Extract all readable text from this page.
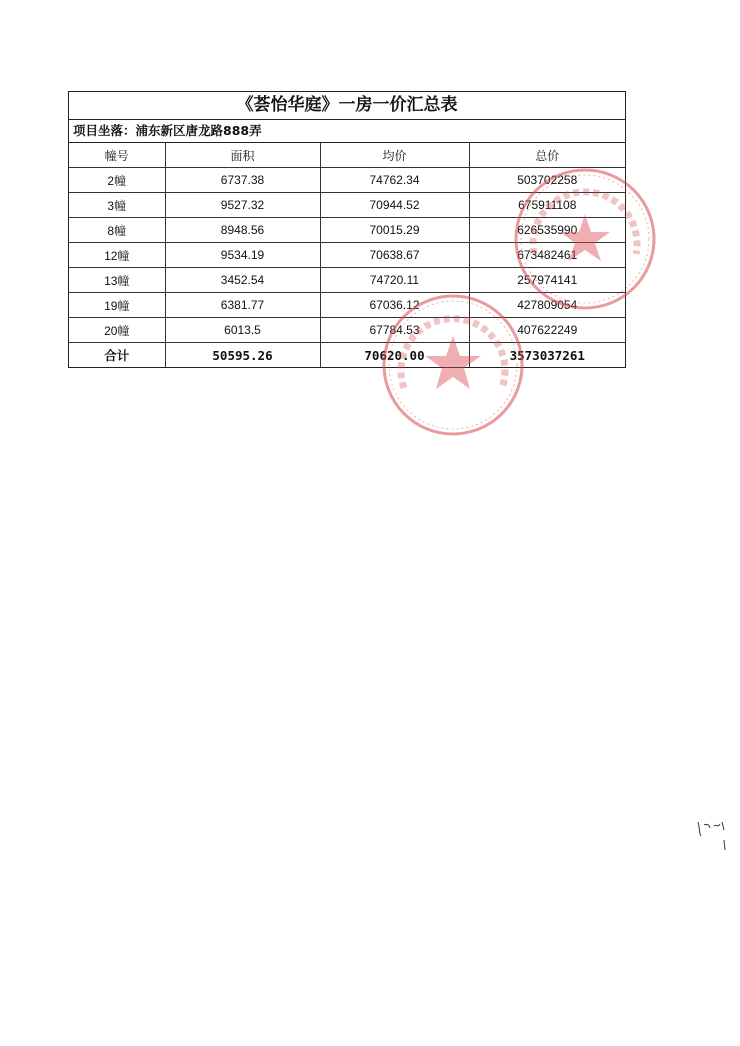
《荟怡华庭》一房一价汇总表
项目坐落：浦东新区唐龙路888弄
幢号	面积	均价	总价
2幢	6737.38	74762.34	503702258
3幢	9527.32	70944.52	675911108
8幢	8948.56	70015.29	626535990
12幢	9534.19	70638.67	673482461
13幢	3452.54	74720.11	257974141
19幢	6381.77	67036.12	427809054
20幢	6013.5	67784.53	407622249
合计	50595.26	70620.00	3573037261
